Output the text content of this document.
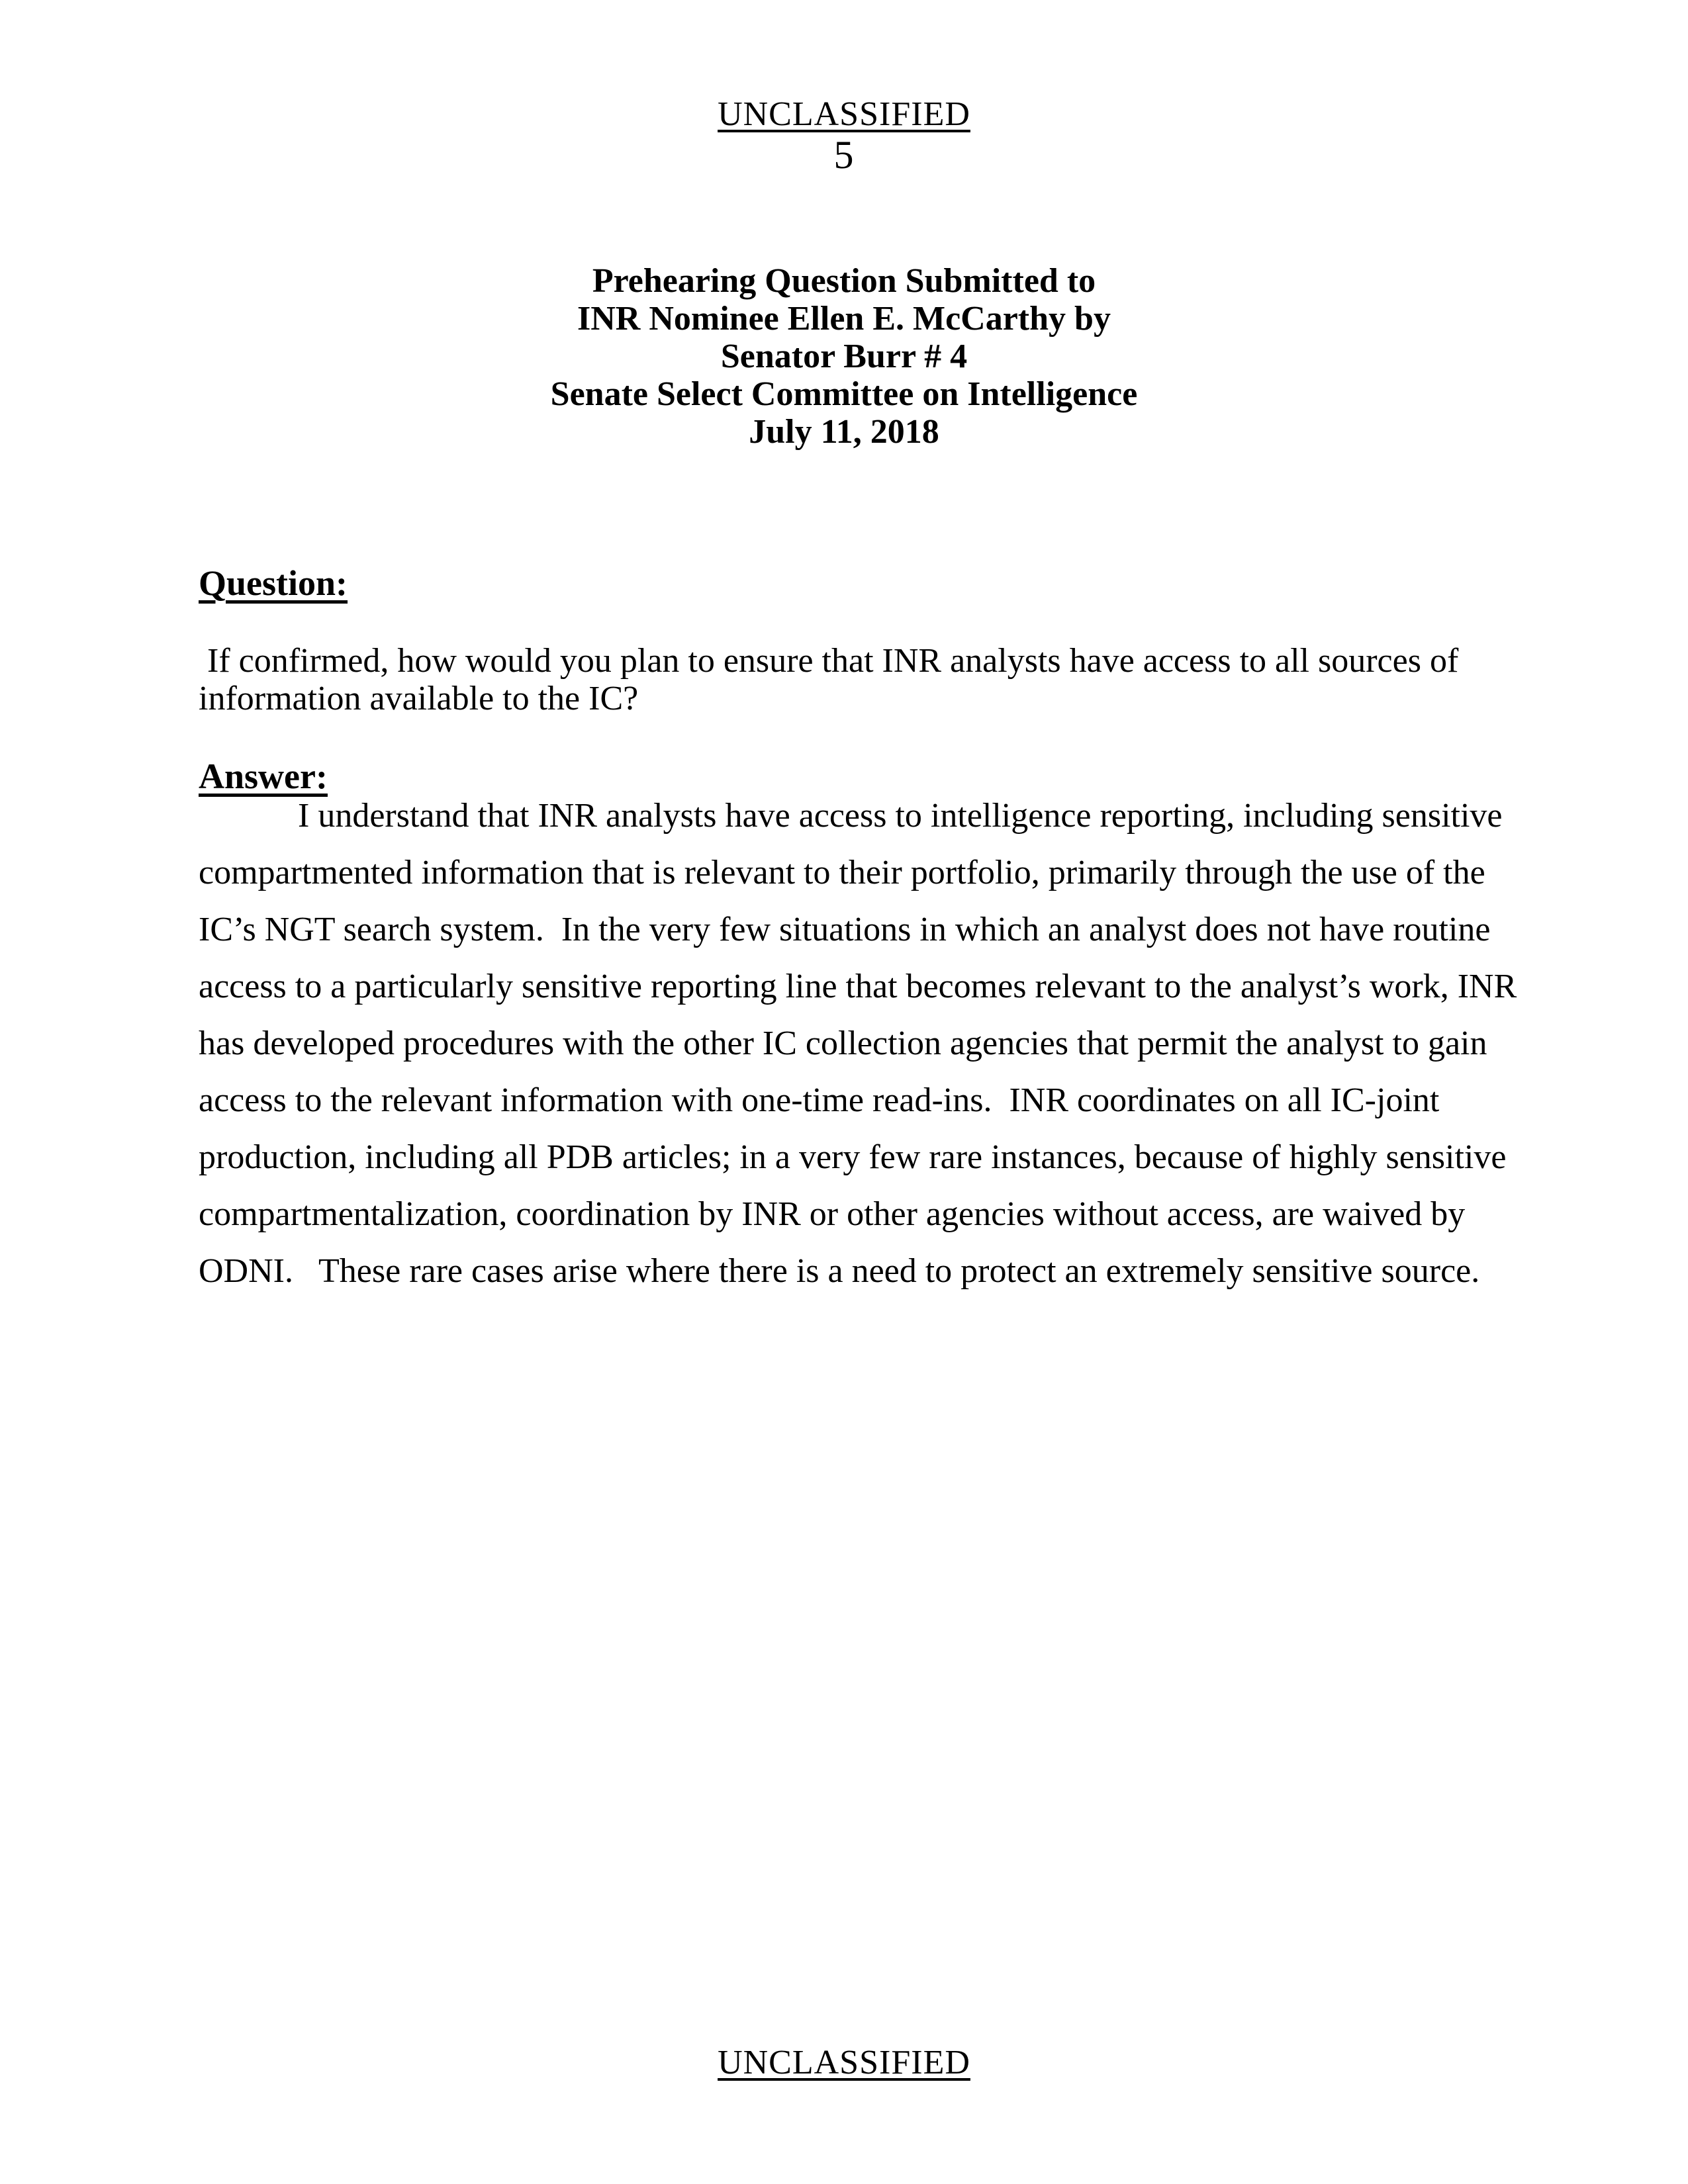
UNCLASSIFIED
5
Prehearing Question Submitted to
INR Nominee Ellen E. McCarthy by
Senator Burr # 4
Senate Select Committee on Intelligence
July 11, 2018
Question:
If confirmed, how would you plan to ensure that INR analysts have access to all sources of
information available to the IC?
Answer:
	I understand that INR analysts have access to intelligence reporting, including sensitive
compartmented information that is relevant to their portfolio, primarily through the use of the
IC’s NGT search system.  In the very few situations in which an analyst does not have routine
access to a particularly sensitive reporting line that becomes relevant to the analyst’s work, INR
has developed procedures with the other IC collection agencies that permit the analyst to gain
access to the relevant information with one-time read-ins.  INR coordinates on all IC-joint
production, including all PDB articles; in a very few rare instances, because of highly sensitive
compartmentalization, coordination by INR or other agencies without access, are waived by
ODNI.   These rare cases arise where there is a need to protect an extremely sensitive source.
UNCLASSIFIED
